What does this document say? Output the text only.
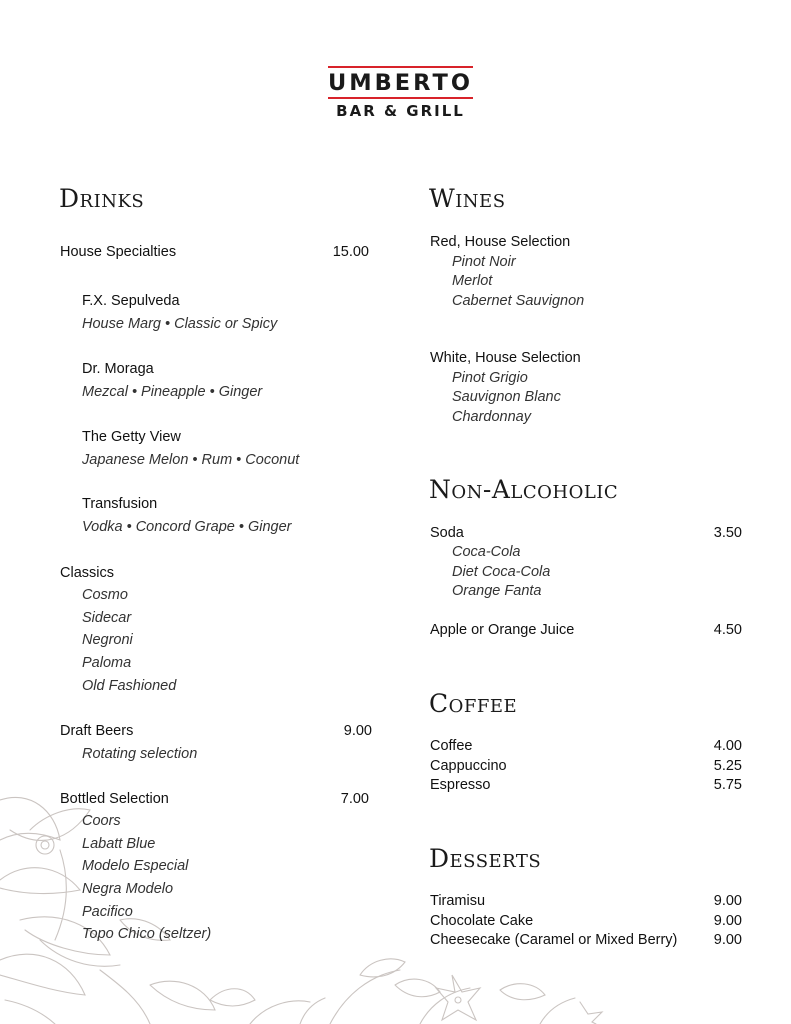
UMBERTO
BAR & GRILL
Drinks
House Specialties	15.00
F.X. Sepulveda
House Marg • Classic or Spicy
Dr. Moraga
Mezcal • Pineapple • Ginger
The Getty View
Japanese Melon • Rum • Coconut
Transfusion
Vodka • Concord Grape • Ginger
Classics
Cosmo
Sidecar
Negroni
Paloma
Old Fashioned
Draft Beers	9.00
Rotating selection
Bottled Selection	7.00
Coors
Labatt Blue
Modelo Especial
Negra Modelo
Pacifico
Topo Chico (seltzer)
Wines
Red, House Selection
Pinot Noir
Merlot
Cabernet Sauvignon
White, House Selection
Pinot Grigio
Sauvignon Blanc
Chardonnay
Non-Alcoholic
Soda	3.50
Coca-Cola
Diet Coca-Cola
Orange Fanta
Apple or Orange Juice	4.50
Coffee
Coffee	4.00
Cappuccino	5.25
Espresso	5.75
Desserts
Tiramisu	9.00
Chocolate Cake	9.00
Cheesecake (Caramel or Mixed Berry)	9.00
